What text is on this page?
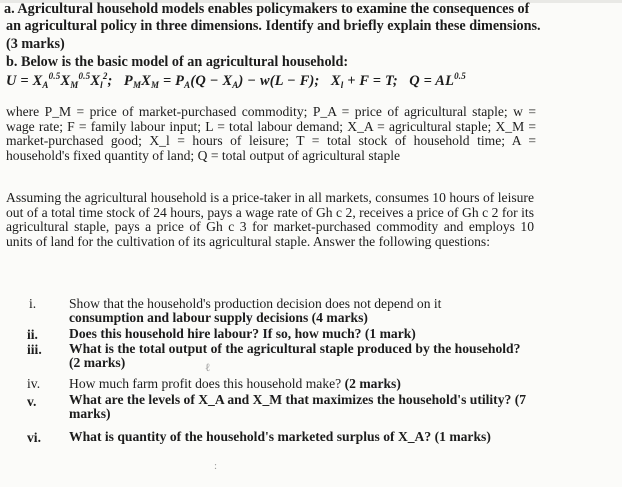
a. Agricultural household models enables policymakers to examine the consequences of
an agricultural policy in three dimensions. Identify and briefly explain these dimensions.
(3 marks)
b. Below is the basic model of an agricultural household:
$U = X_A^{0.5}X_M^{0.5}X_l^2$;   $P_MX_M = P_A(Q - X_A) - w(L - F)$;   $X_l + F = T$;   $Q = AL^{0.5}$
where P_M = price of market-purchased commodity; P_A = price of agricultural staple; w = wage rate; F = family labour input; L = total labour demand; X_A = agricultural staple; X_M = market-purchased good; X_l = hours of leisure; T = total stock of household time; A = household's fixed quantity of land; Q = total output of agricultural staple
Assuming the agricultural household is a price-taker in all markets, consumes 10 hours of leisure out of a total time stock of 24 hours, pays a wage rate of Gh c 2, receives a price of Gh c 2 for its agricultural staple, pays a price of Gh c 3 for market-purchased commodity and employs 10 units of land for the cultivation of its agricultural staple. Answer the following questions:
i. Show that the household's production decision does not depend on it
consumption and labour supply decisions (4 marks)
ii. Does this household hire labour? If so, how much? (1 mark)
iii. What is the total output of the agricultural staple produced by the household?
(2 marks)
iv. How much farm profit does this household make? (2 marks)
v. What are the levels of X_A and X_M that maximizes the household's utility? (7 marks)
vi. What is quantity of the household's marketed surplus of X_A? (1 marks)
ℓ
:
